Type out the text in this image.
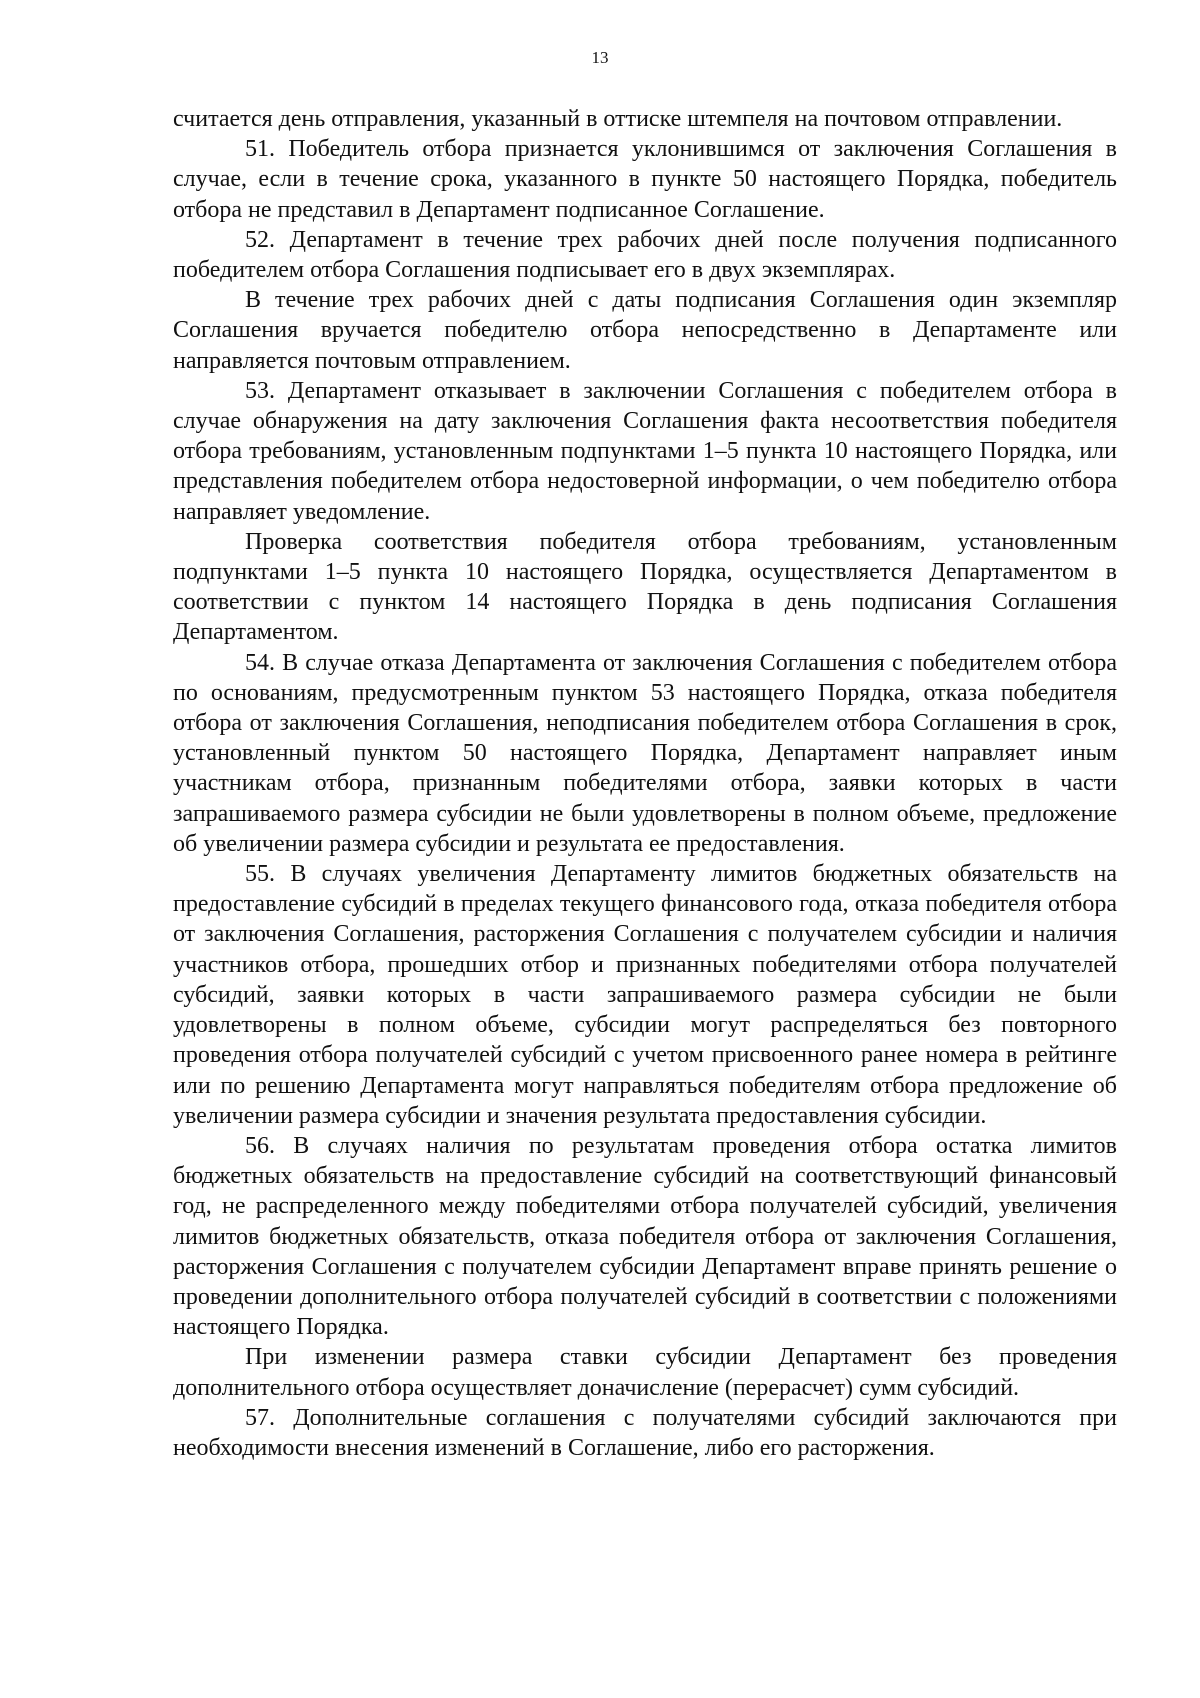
13

считается день отправления, указанный в оттиске штемпеля на почтовом отправлении.

51. Победитель отбора признается уклонившимся от заключения Соглашения в случае, если в течение срока, указанного в пункте 50 настоящего Порядка, победитель отбора не представил в Департамент подписанное Соглашение.

52. Департамент в течение трех рабочих дней после получения подписанного победителем отбора Соглашения подписывает его в двух экземплярах.

В течение трех рабочих дней с даты подписания Соглашения один экземпляр Соглашения вручается победителю отбора непосредственно в Департаменте или направляется почтовым отправлением.

53. Департамент отказывает в заключении Соглашения с победителем отбора в случае обнаружения на дату заключения Соглашения факта несоответствия победителя отбора требованиям, установленным подпунктами 1–5 пункта 10 настоящего Порядка, или представления победителем отбора недостоверной информации, о чем победителю отбора направляет уведомление.

Проверка соответствия победителя отбора требованиям, установленным подпунктами 1–5 пункта 10 настоящего Порядка, осуществляется Департаментом в соответствии с пунктом 14 настоящего Порядка в день подписания Соглашения Департаментом.

54. В случае отказа Департамента от заключения Соглашения с победителем отбора по основаниям, предусмотренным пунктом 53 настоящего Порядка, отказа победителя отбора от заключения Соглашения, неподписания победителем отбора Соглашения в срок, установленный пунктом 50 настоящего Порядка, Департамент направляет иным участникам отбора, признанным победителями отбора, заявки которых в части запрашиваемого размера субсидии не были удовлетворены в полном объеме, предложение об увеличении размера субсидии и результата ее предоставления.

55. В случаях увеличения Департаменту лимитов бюджетных обязательств на предоставление субсидий в пределах текущего финансового года, отказа победителя отбора от заключения Соглашения, расторжения Соглашения с получателем субсидии и наличия участников отбора, прошедших отбор и признанных победителями отбора получателей субсидий, заявки которых в части запрашиваемого размера субсидии не были удовлетворены в полном объеме, субсидии могут распределяться без повторного проведения отбора получателей субсидий с учетом присвоенного ранее номера в рейтинге или по решению Департамента могут направляться победителям отбора предложение об увеличении размера субсидии и значения результата предоставления субсидии.

56. В случаях наличия по результатам проведения отбора остатка лимитов бюджетных обязательств на предоставление субсидий на соответствующий финансовый год, не распределенного между победителями отбора получателей субсидий, увеличения лимитов бюджетных обязательств, отказа победителя отбора от заключения Соглашения, расторжения Соглашения с получателем субсидии Департамент вправе принять решение о проведении дополнительного отбора получателей субсидий в соответствии с положениями настоящего Порядка.

При изменении размера ставки субсидии Департамент без проведения дополнительного отбора осуществляет доначисление (перерасчет) сумм субсидий.

57. Дополнительные соглашения с получателями субсидий заключаются при необходимости внесения изменений в Соглашение, либо его расторжения.
